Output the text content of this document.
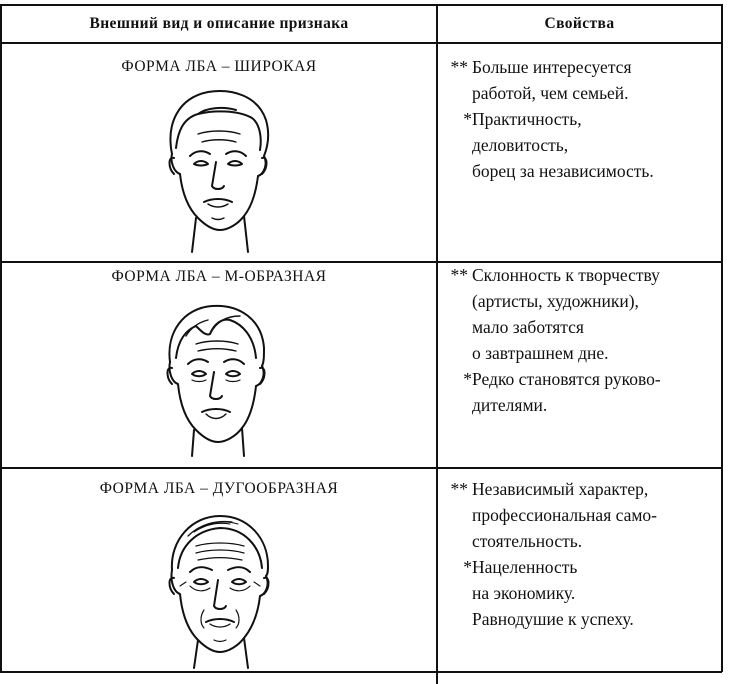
Внешний вид и описание признака	Свойства
ФОРМА ЛБА – ШИРОКАЯ	** Больше интересуется
работой, чем семьей.
* Практичность,
деловитость,
борец за независимость.
ФОРМА ЛБА – М-ОБРАЗНАЯ	** Склонность к творчеству
(артисты, художники),
мало заботятся
о завтрашнем дне.
* Редко становятся руково-
дителями.
ФОРМА ЛБА – ДУГООБРАЗНАЯ	** Независимый характер,
профессиональная само-
стоятельность.
* Нацеленность
на экономику.
Равнодушие к успеху.
